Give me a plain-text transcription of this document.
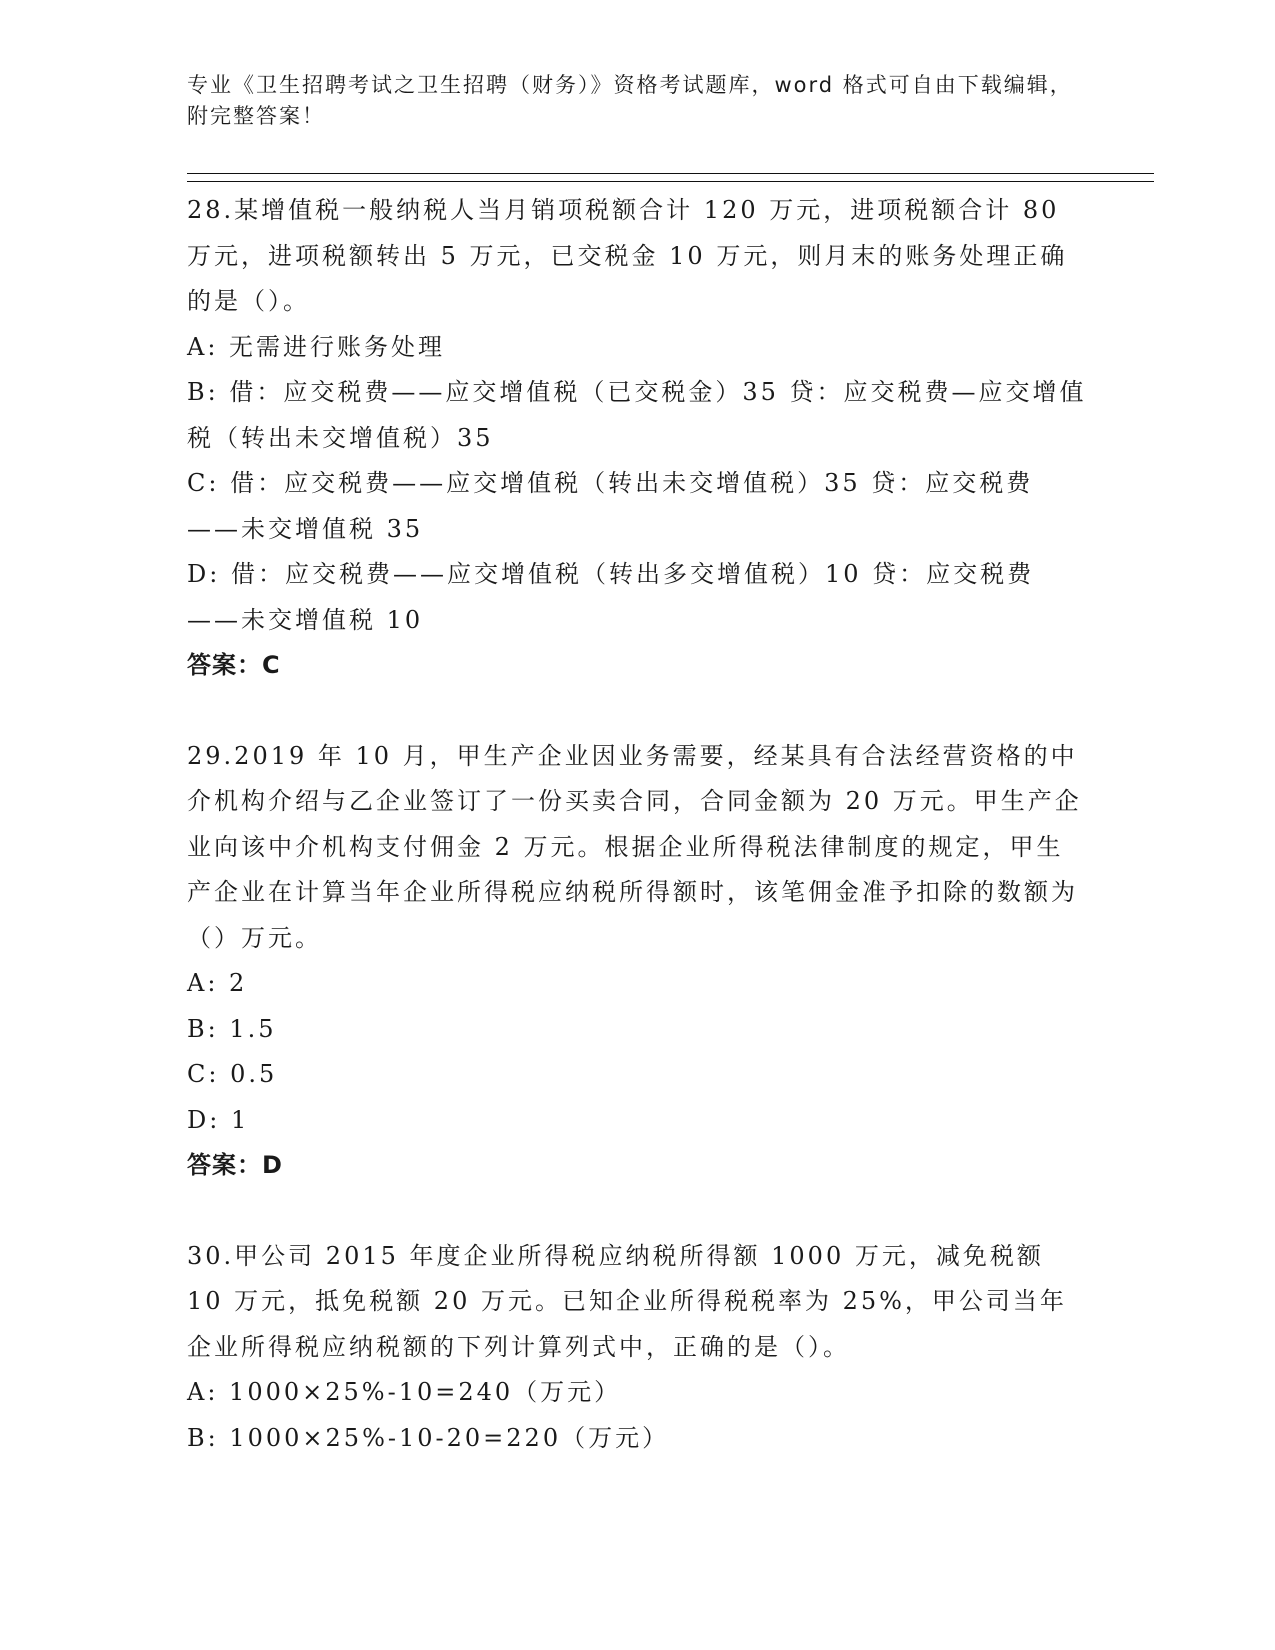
专业《卫生招聘考试之卫生招聘（财务）》资格考试题库，word 格式可自由下载编辑，附完整答案！

28.某增值税一般纳税人当月销项税额合计 120 万元，进项税额合计 80 万元，进项税额转出 5 万元，已交税金 10 万元，则月末的账务处理正确的是（）。

A: 无需进行账务处理

B: 借：应交税费——应交增值税（已交税金）35 贷：应交税费—应交增值税（转出未交增值税）35

C: 借：应交税费——应交增值税（转出未交增值税）35 贷：应交税费——未交增值税 35

D: 借：应交税费——应交增值税（转出多交增值税）10 贷：应交税费——未交增值税 10

答案：C

29.2019 年 10 月，甲生产企业因业务需要，经某具有合法经营资格的中介机构介绍与乙企业签订了一份买卖合同，合同金额为 20 万元。甲生产企业向该中介机构支付佣金 2 万元。根据企业所得税法律制度的规定，甲生产企业在计算当年企业所得税应纳税所得额时，该笔佣金准予扣除的数额为（）万元。

A: 2

B: 1.5

C: 0.5

D: 1

答案：D

30.甲公司 2015 年度企业所得税应纳税所得额 1000 万元，减免税额 10 万元，抵免税额 20 万元。已知企业所得税税率为 25%，甲公司当年企业所得税应纳税额的下列计算列式中，正确的是（）。

A: 1000×25%-10=240（万元）

B: 1000×25%-10-20=220（万元）
